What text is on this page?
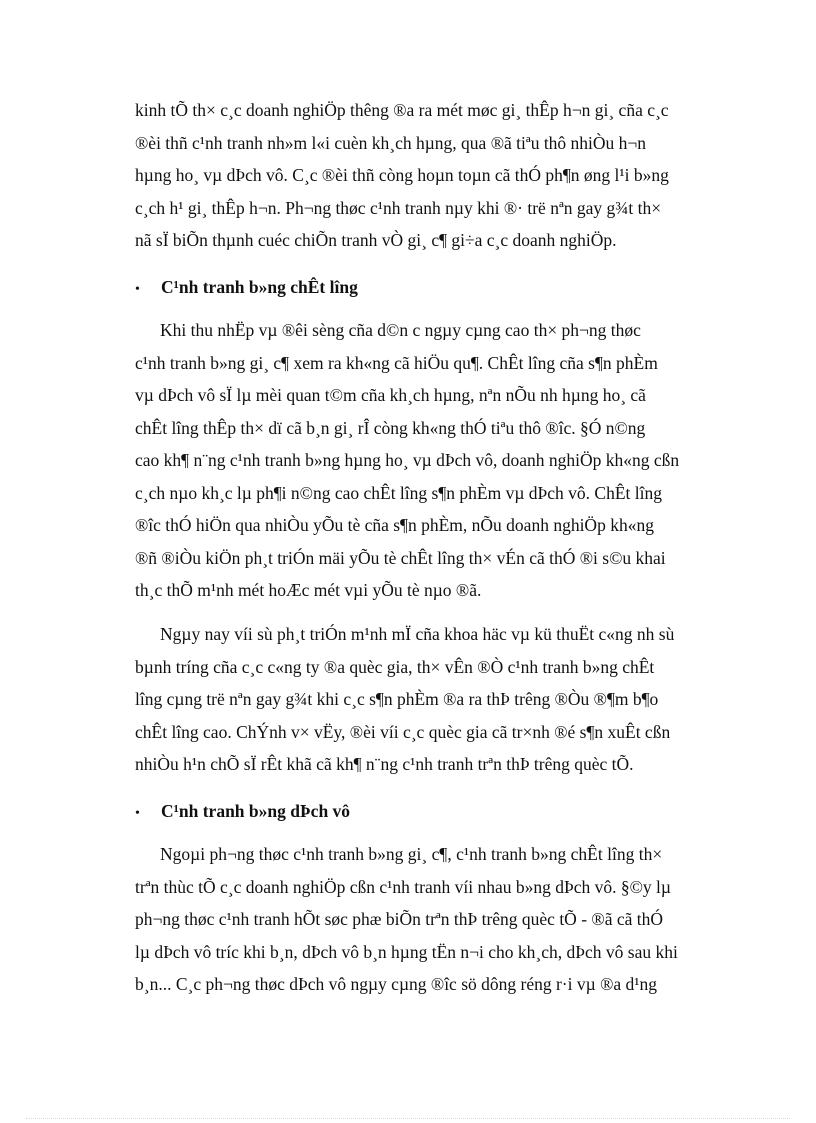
kinh tÕ th× c¸c doanh nghiÖp thêng ®a ra mét møc gi¸ thÊp h¬n gi¸ cña c¸c
®èi thñ c¹nh tranh nh»m l«i cuèn kh¸ch hµng, qua ®ã tiªu thô nhiÒu h¬n
hµng ho¸ vµ dÞch vô. C¸c ®èi thñ còng hoµn toµn cã thÓ ph¶n øng l¹i b»ng
c¸ch h¹ gi¸ thÊp h¬n. Ph¬ng thøc c¹nh tranh nµy khi ®· trë nªn gay g¾t th×
nã sÏ biÕn thµnh cuéc chiÕn tranh vÒ gi¸ c¶ gi÷a c¸c doanh nghiÖp.
• C¹nh tranh b»ng chÊt lîng
Khi thu nhËp vµ ®êi sèng cña d©n c ngµy cµng cao th× ph¬ng thøc
c¹nh tranh b»ng gi¸ c¶ xem ra kh«ng cã hiÖu qu¶. ChÊt lîng cña s¶n phÈm
vµ dÞch vô sÏ lµ mèi quan t©m cña kh¸ch hµng, nªn nÕu nh hµng ho¸ cã
chÊt lîng thÊp th× dï cã b¸n gi¸ rÎ còng kh«ng thÓ tiªu thô ®îc. §Ó n©ng
cao kh¶ n¨ng c¹nh tranh b»ng hµng ho¸ vµ dÞch vô, doanh nghiÖp kh«ng cßn
c¸ch nµo kh¸c lµ ph¶i n©ng cao chÊt lîng s¶n phÈm vµ dÞch vô. ChÊt lîng
®îc thÓ hiÖn qua nhiÒu yÕu tè cña s¶n phÈm, nÕu doanh nghiÖp kh«ng
®ñ ®iÒu kiÖn ph¸t triÓn mäi yÕu tè chÊt lîng th× vÉn cã thÓ ®i s©u khai
th¸c thÕ m¹nh mét hoÆc mét vµi yÕu tè nµo ®ã.
Ngµy nay víi sù ph¸t triÓn m¹nh mÏ cña khoa häc vµ kü thuËt c«ng nh sù
bµnh tríng cña c¸c c«ng ty ®a quèc gia, th× vÊn ®Ò c¹nh tranh b»ng chÊt
lîng cµng trë nªn gay g¾t khi c¸c s¶n phÈm ®a ra thÞ trêng ®Òu ®¶m b¶o
chÊt lîng cao. ChÝnh v× vËy, ®èi víi c¸c quèc gia cã tr×nh ®é s¶n xuÊt cßn
nhiÒu h¹n chÕ sÏ rÊt khã cã kh¶ n¨ng c¹nh tranh trªn thÞ trêng quèc tÕ.
• C¹nh tranh b»ng dÞch vô
Ngoµi ph¬ng thøc c¹nh tranh b»ng gi¸ c¶, c¹nh tranh b»ng chÊt lîng th×
trªn thùc tÕ c¸c doanh nghiÖp cßn c¹nh tranh víi nhau b»ng dÞch vô. §©y lµ
ph¬ng thøc c¹nh tranh hÕt søc phæ biÕn trªn thÞ trêng quèc tÕ - ®ã cã thÓ
lµ dÞch vô tríc khi b¸n, dÞch vô b¸n hµng tËn n¬i cho kh¸ch, dÞch vô sau khi
b¸n... C¸c ph¬ng thøc dÞch vô ngµy cµng ®îc sö dông réng r·i vµ ®a d¹ng
